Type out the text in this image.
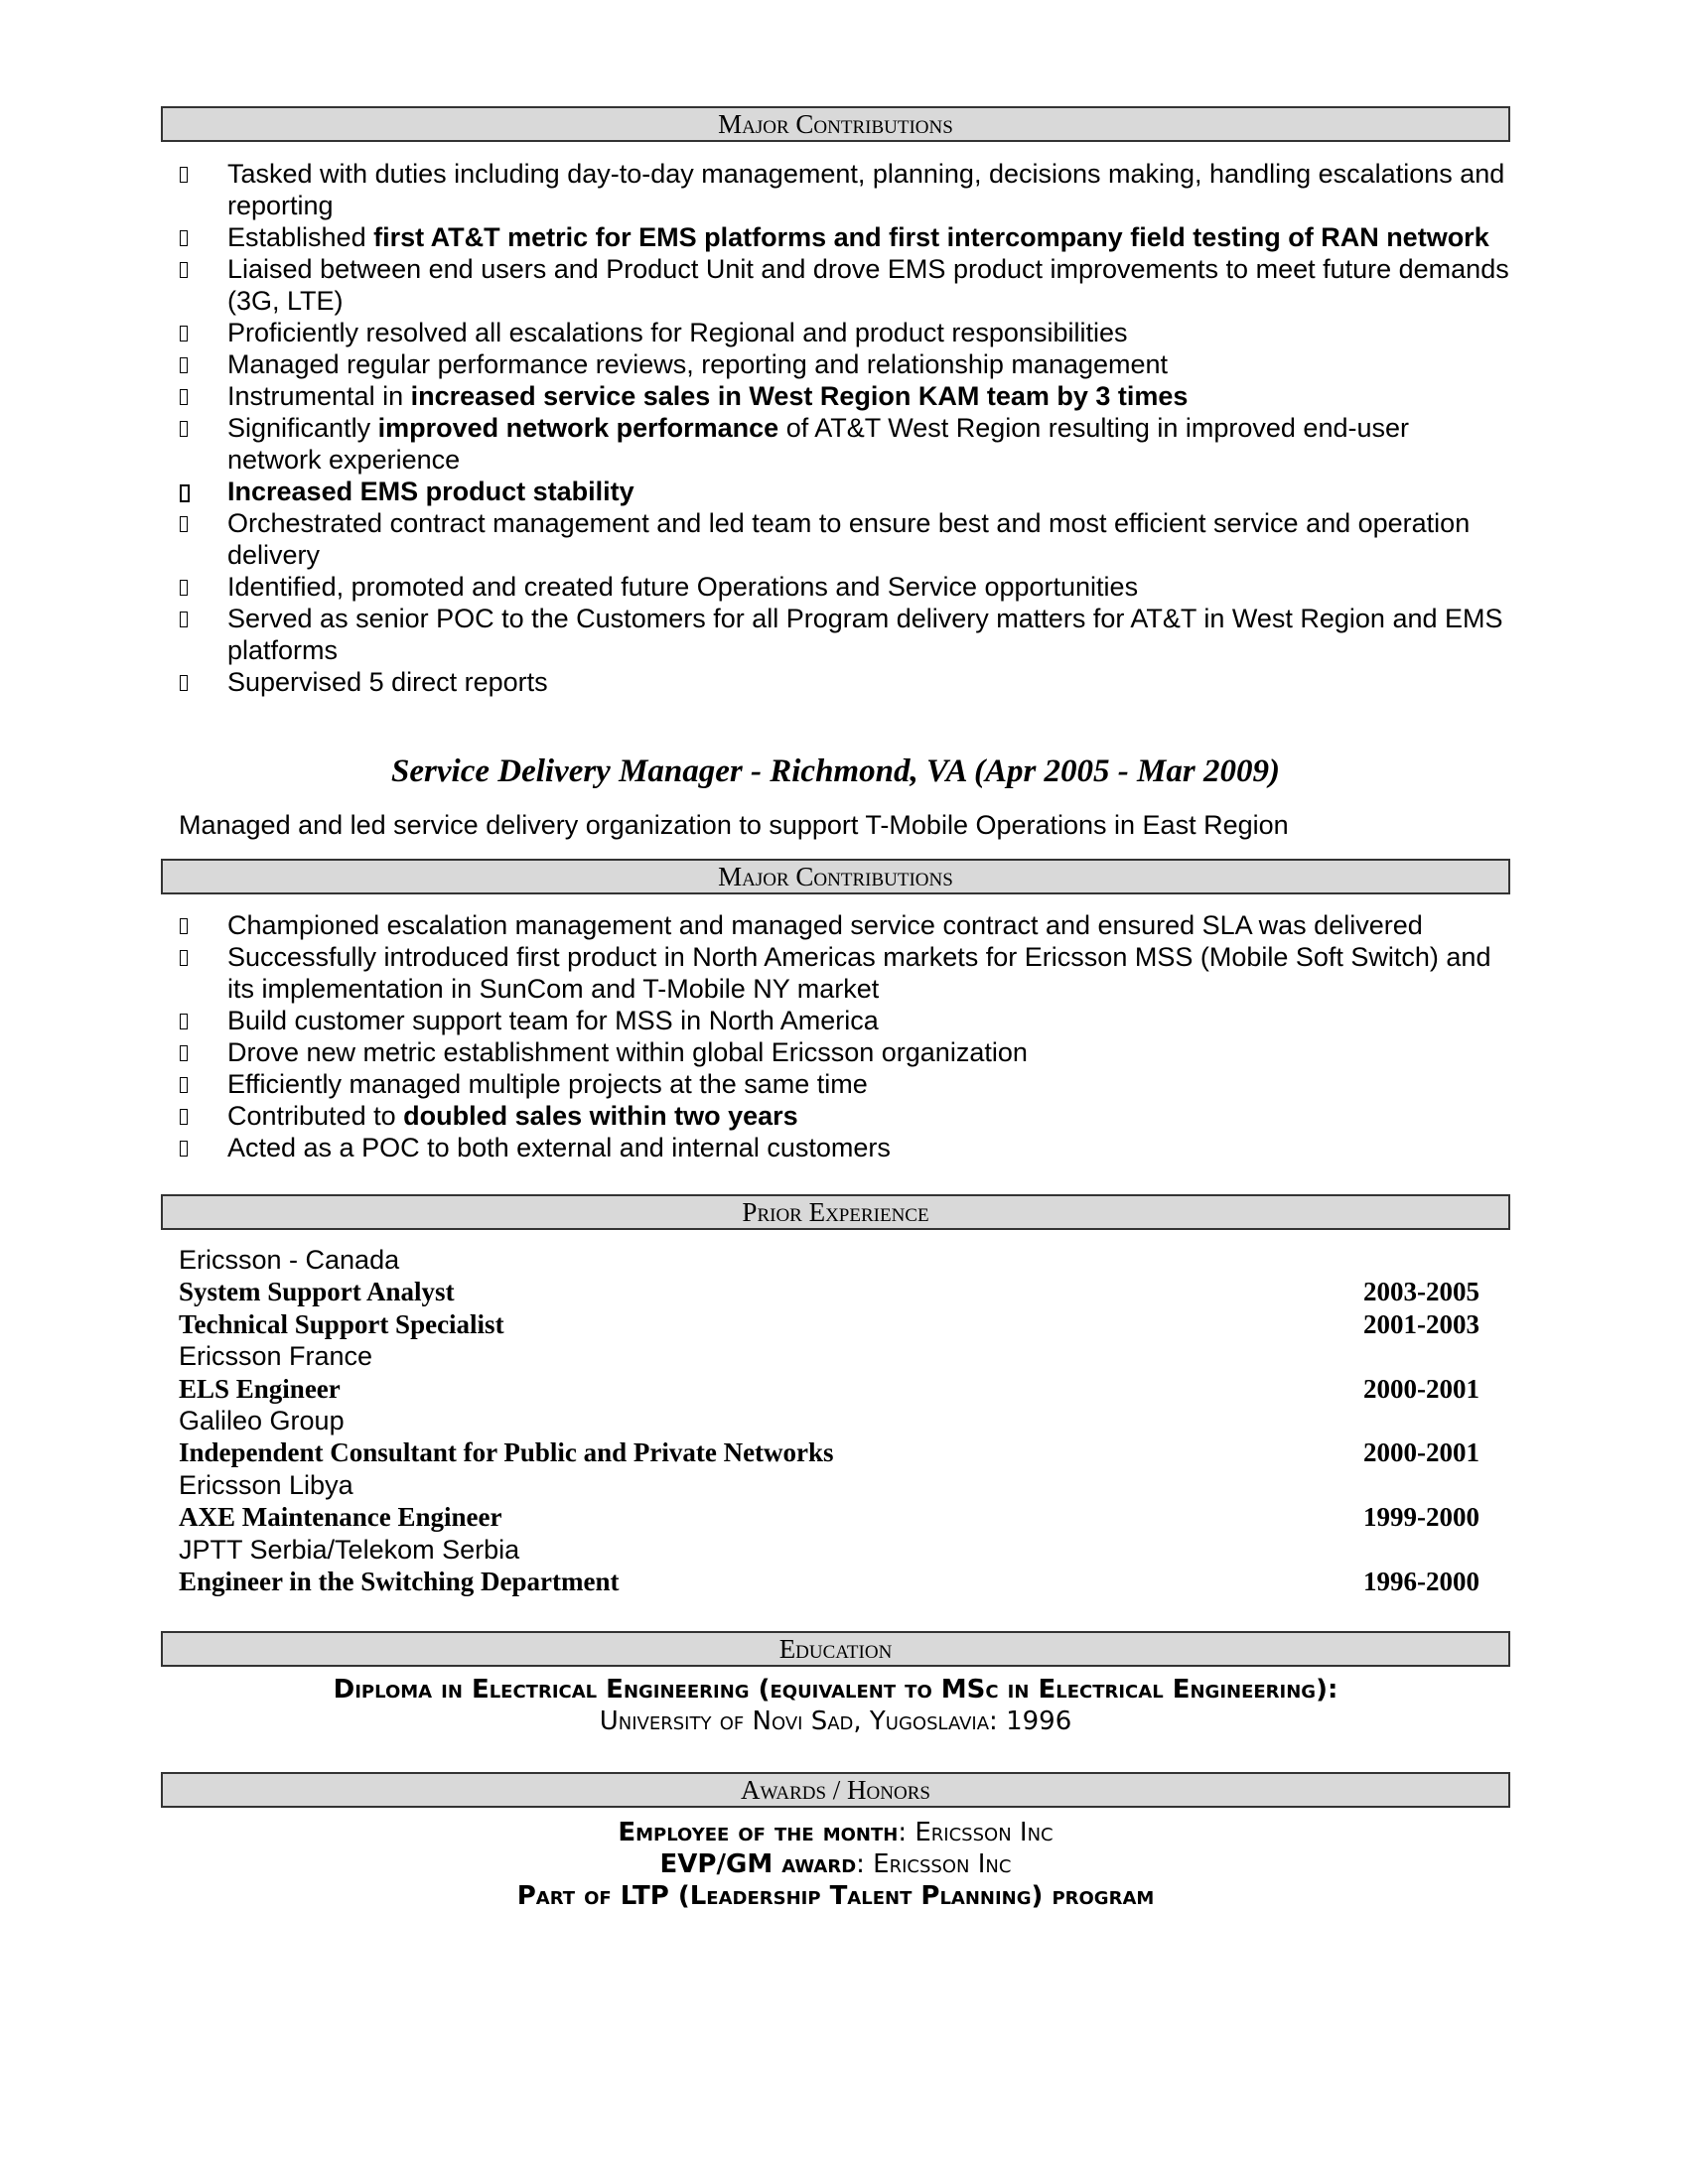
Major Contributions
Tasked with duties including day-to-day management, planning, decisions making, handling escalations and reporting
Established first AT&T metric for EMS platforms and first intercompany field testing of RAN network
Liaised between end users and Product Unit and drove EMS product improvements to meet future demands (3G, LTE)
Proficiently resolved all escalations for Regional and product responsibilities
Managed regular performance reviews, reporting and relationship management
Instrumental in increased service sales in West Region KAM team by 3 times
Significantly improved network performance of AT&T West Region resulting in improved end-user network experience
Increased EMS product stability
Orchestrated contract management and led team to ensure best and most efficient service and operation delivery
Identified, promoted and created future Operations and Service opportunities
Served as senior POC to the Customers for all Program delivery matters for AT&T in West Region and EMS platforms
Supervised 5 direct reports
Service Delivery Manager - Richmond, VA (Apr 2005 - Mar 2009)
Managed and led service delivery organization to support T-Mobile Operations in East Region
Major Contributions
Championed escalation management and managed service contract and ensured SLA was delivered
Successfully introduced first product in North Americas markets for Ericsson MSS (Mobile Soft Switch) and its implementation in SunCom and T-Mobile NY market
Build customer support team for MSS in North America
Drove new metric establishment within global Ericsson organization
Efficiently managed multiple projects at the same time
Contributed to doubled sales within two years
Acted as a POC to both external and internal customers
Prior Experience
Ericsson - Canada
System Support Analyst	2003-2005
Technical Support Specialist	2001-2003
Ericsson France
ELS Engineer	2000-2001
Galileo Group
Independent Consultant for Public and Private Networks	2000-2001
Ericsson Libya
AXE Maintenance Engineer	1999-2000
JPTT Serbia/Telekom Serbia
Engineer in the Switching Department	1996-2000
Education
Diploma in Electrical Engineering (equivalent to MSc in Electrical Engineering):
University of Novi Sad, Yugoslavia: 1996
Awards / Honors
Employee of the month: Ericsson Inc
EVP/GM award: Ericsson Inc
Part of LTP (Leadership Talent Planning) program
